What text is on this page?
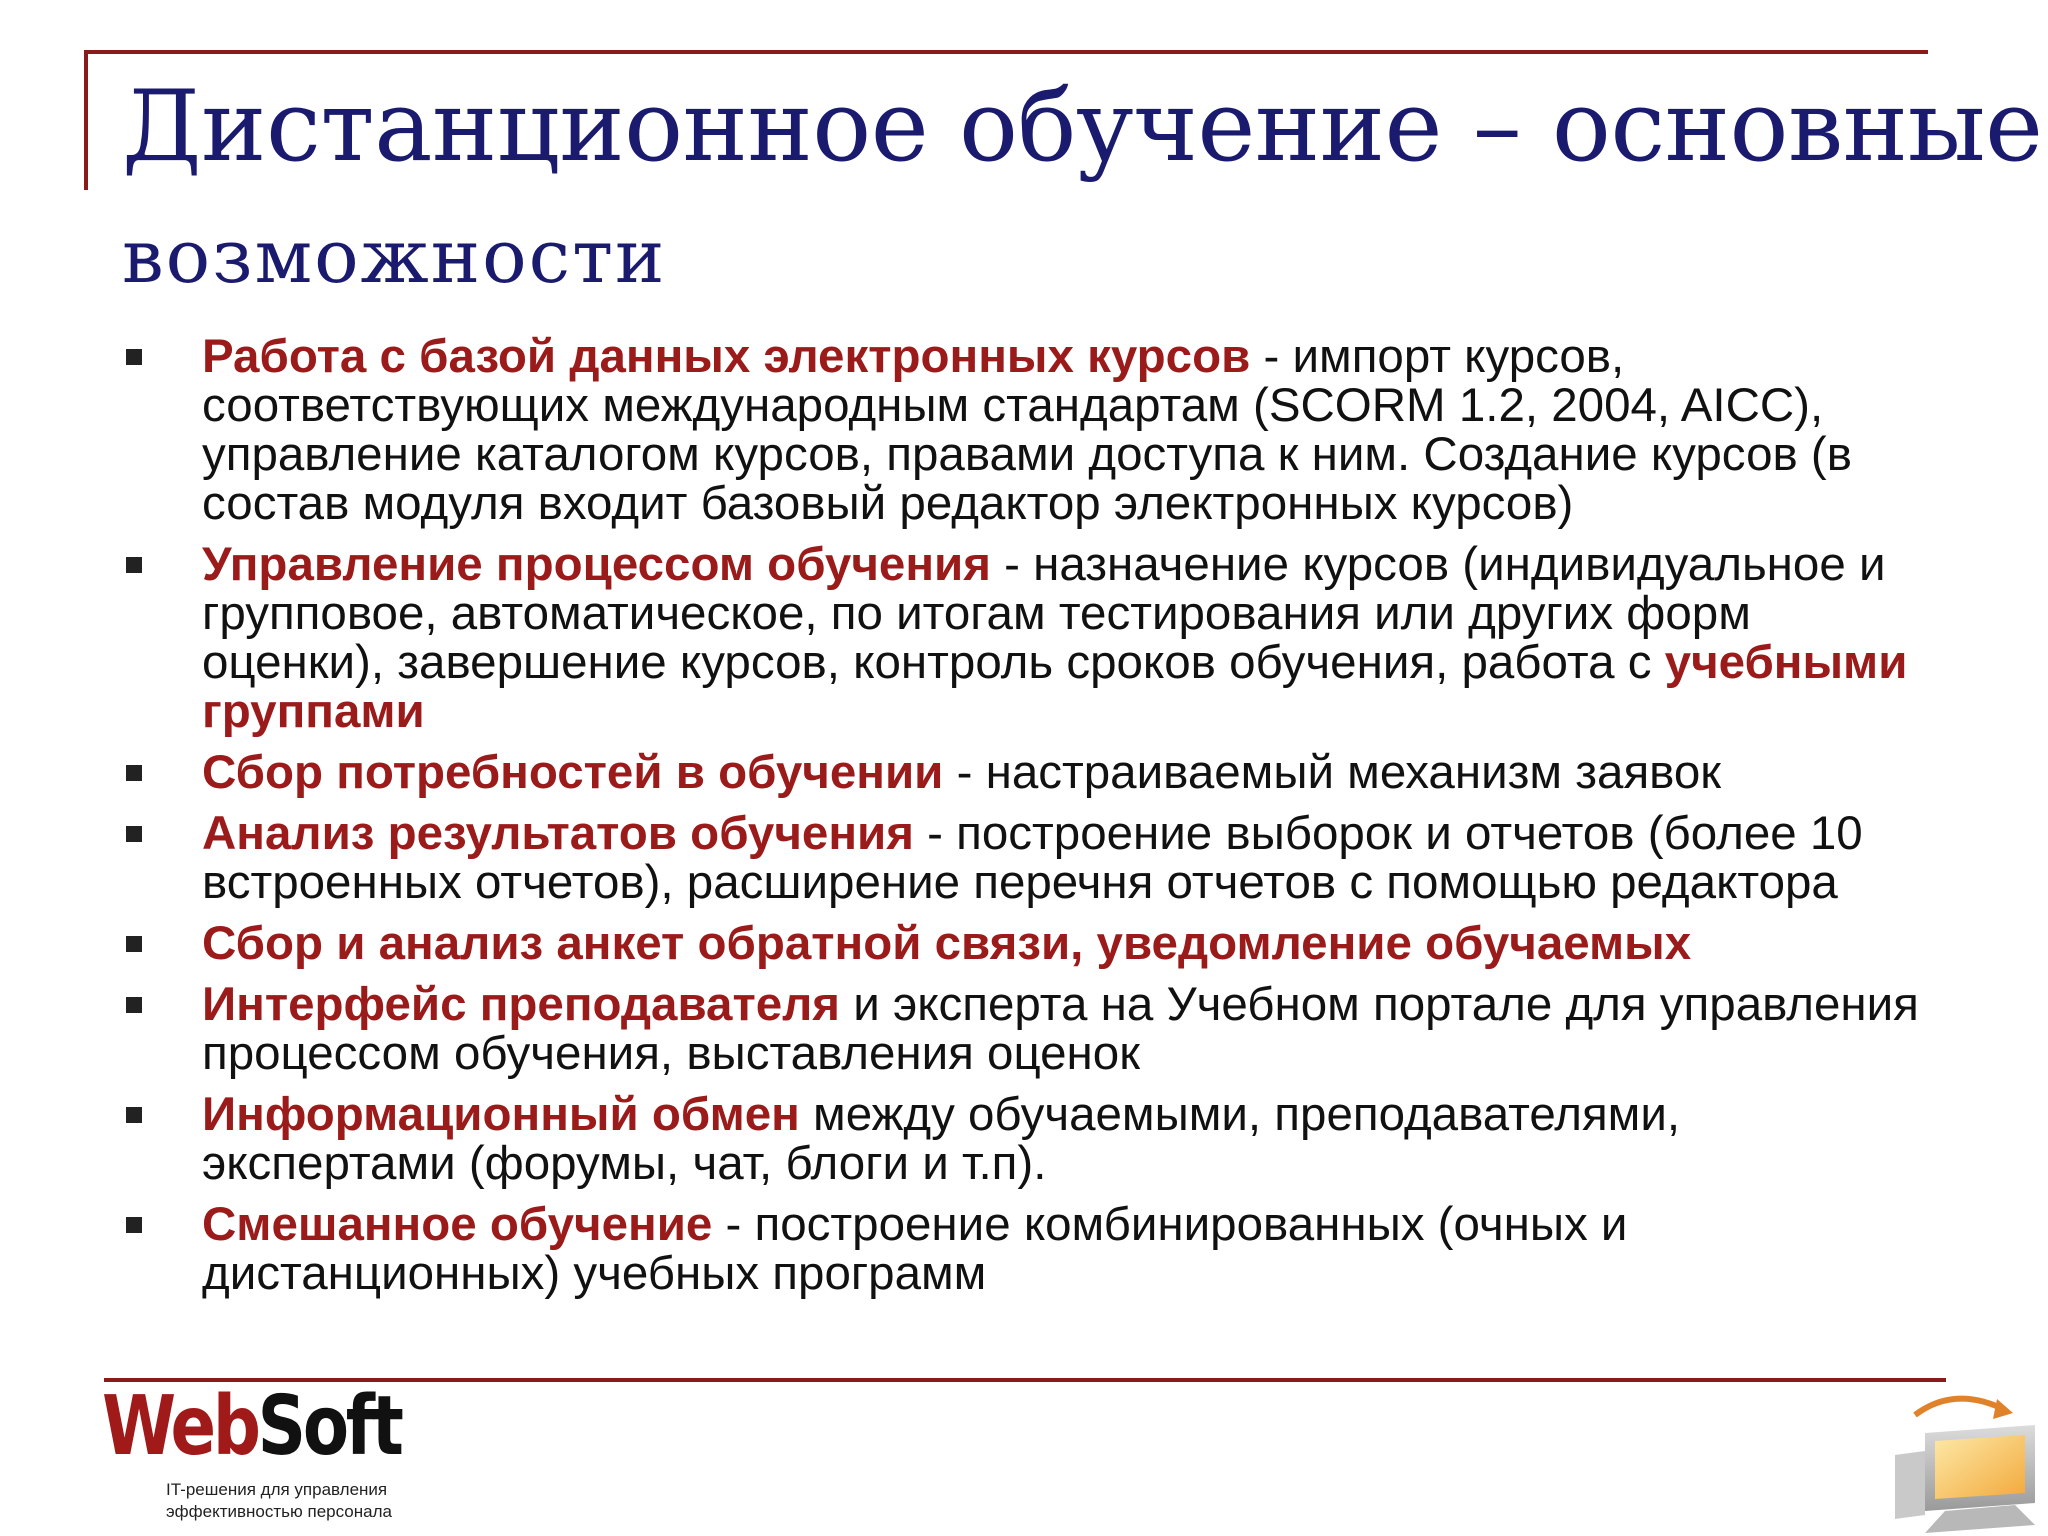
Дистанционное обучение – основные
возможности
Работа с базой данных электронных курсов - импорт курсов, соответствующих международным стандартам (SCORM 1.2, 2004, AICC), управление каталогом курсов, правами доступа к ним. Создание курсов (в состав модуля входит базовый редактор электронных курсов)
Управление процессом обучения - назначение курсов (индивидуальное и групповое, автоматическое, по итогам тестирования или других форм оценки), завершение курсов, контроль сроков обучения, работа с учебными группами
Сбор потребностей в обучении - настраиваемый механизм заявок
Анализ результатов обучения - построение выборок и отчетов (более 10 встроенных отчетов), расширение перечня отчетов с помощью редактора
Сбор и анализ анкет обратной связи, уведомление обучаемых
Интерфейс преподавателя и эксперта на Учебном портале для управления процессом обучения, выставления оценок
Информационный обмен между обучаемыми, преподавателями, экспертами (форумы, чат, блоги и т.п).
Смешанное обучение - построение комбинированных (очных и дистанционных) учебных программ
WebSoft
IT-решения для управления
эффективностью персонала
